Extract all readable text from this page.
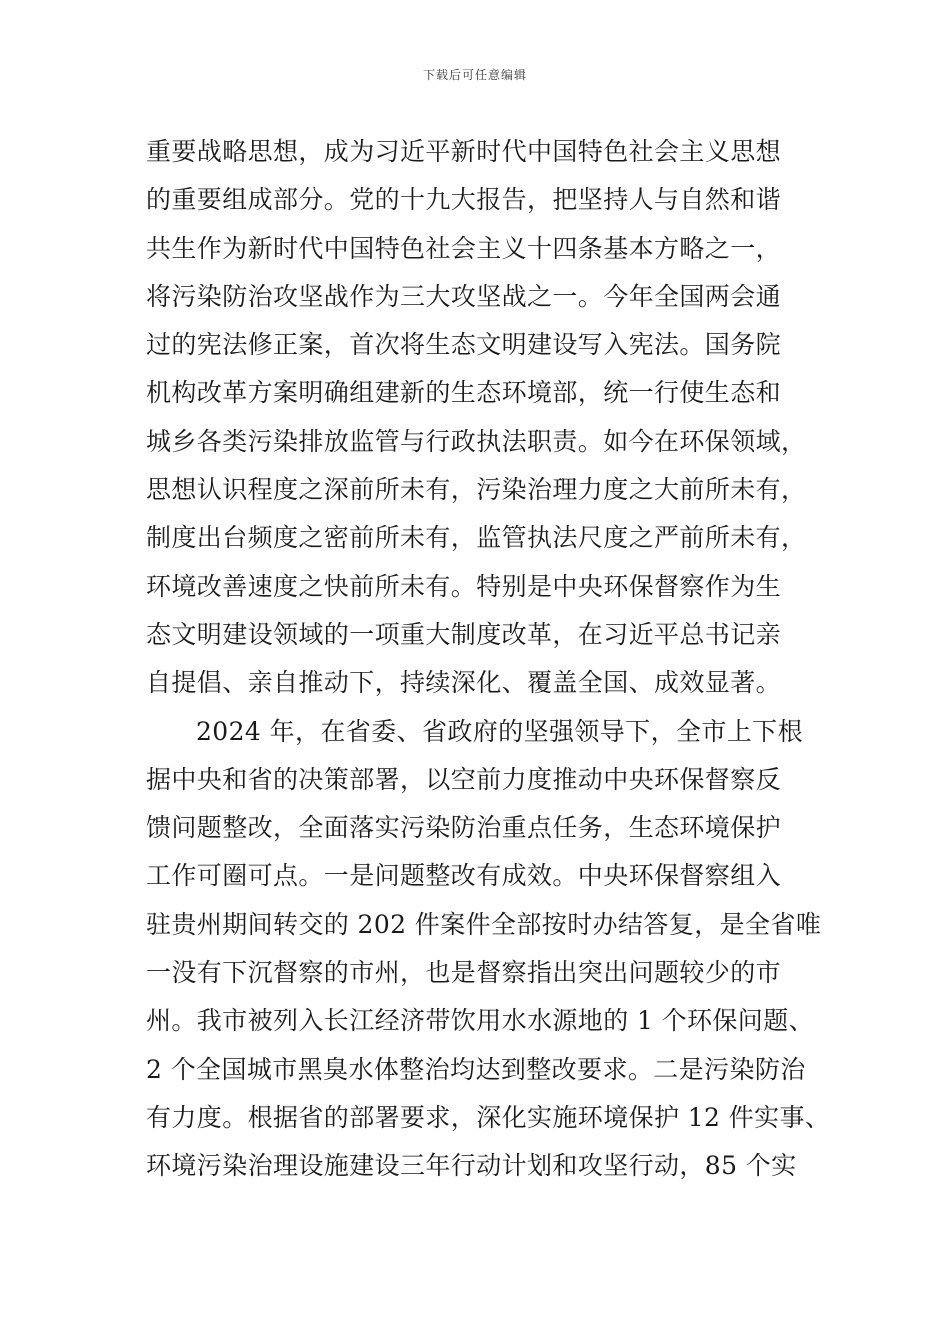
下载后可任意编辑
重要战略思想，成为习近平新时代中国特色社会主义思想
的重要组成部分。党的十九大报告，把坚持人与自然和谐
共生作为新时代中国特色社会主义十四条基本方略之一，
将污染防治攻坚战作为三大攻坚战之一。今年全国两会通
过的宪法修正案，首次将生态文明建设写入宪法。国务院
机构改革方案明确组建新的生态环境部，统一行使生态和
城乡各类污染排放监管与行政执法职责。如今在环保领域，
思想认识程度之深前所未有，污染治理力度之大前所未有，
制度出台频度之密前所未有，监管执法尺度之严前所未有，
环境改善速度之快前所未有。特别是中央环保督察作为生
态文明建设领域的一项重大制度改革，在习近平总书记亲
自提倡、亲自推动下，持续深化、覆盖全国、成效显著。
2024 年，在省委、省政府的坚强领导下，全市上下根
据中央和省的决策部署，以空前力度推动中央环保督察反
馈问题整改，全面落实污染防治重点任务，生态环境保护
工作可圈可点。一是问题整改有成效。中央环保督察组入
驻贵州期间转交的 202 件案件全部按时办结答复，是全省唯
一没有下沉督察的市州，也是督察指出突出问题较少的市
州。我市被列入长江经济带饮用水水源地的 1 个环保问题、
2 个全国城市黑臭水体整治均达到整改要求。二是污染防治
有力度。根据省的部署要求，深化实施环境保护 12 件实事、
环境污染治理设施建设三年行动计划和攻坚行动，85 个实
